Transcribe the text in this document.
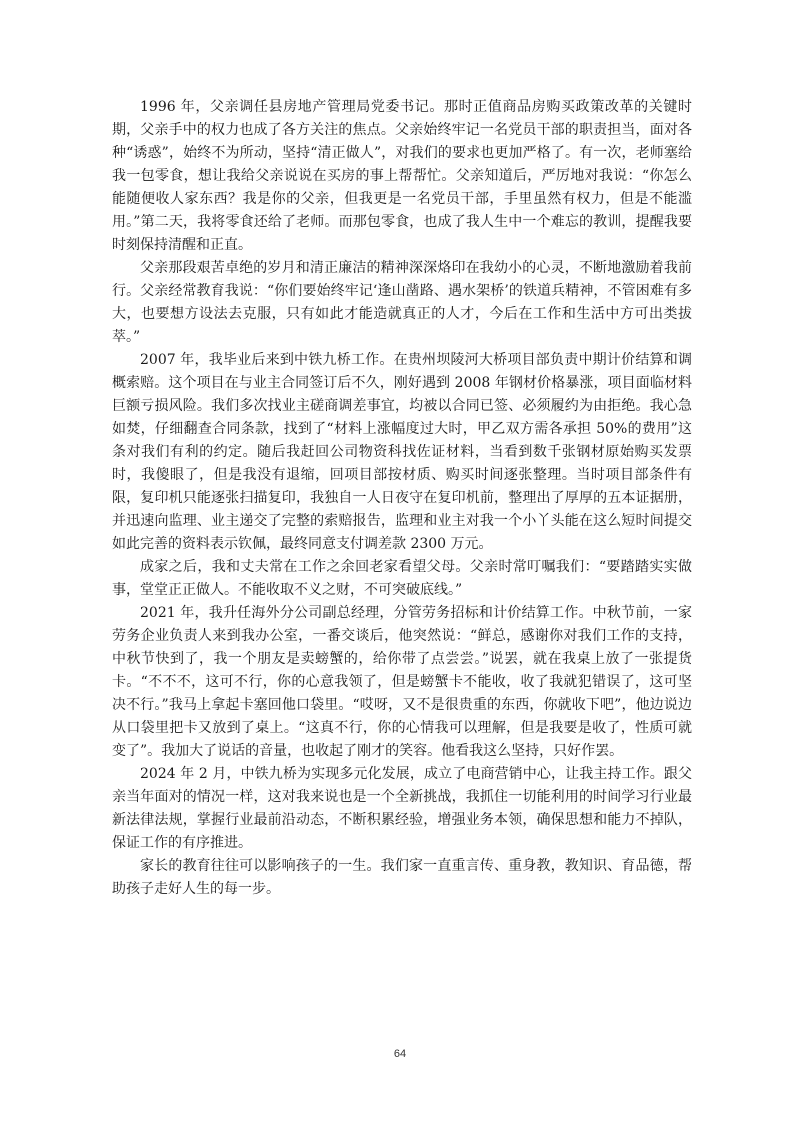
1996 年，父亲调任县房地产管理局党委书记。那时正值商品房购买政策改革的关键时期，父亲手中的权力也成了各方关注的焦点。父亲始终牢记一名党员干部的职责担当，面对各种“诱惑”，始终不为所动，坚持“清正做人”，对我们的要求也更加严格了。有一次，老师塞给我一包零食，想让我给父亲说说在买房的事上帮帮忙。父亲知道后，严厉地对我说：“你怎么能随便收人家东西？我是你的父亲，但我更是一名党员干部，手里虽然有权力，但是不能滥用。”第二天，我将零食还给了老师。而那包零食，也成了我人生中一个难忘的教训，提醒我要时刻保持清醒和正直。

父亲那段艰苦卓绝的岁月和清正廉洁的精神深深烙印在我幼小的心灵，不断地激励着我前行。父亲经常教育我说：“你们要始终牢记‘逢山凿路、遇水架桥’的铁道兵精神，不管困难有多大，也要想方设法去克服，只有如此才能造就真正的人才，今后在工作和生活中方可出类拔萃。”

2007 年，我毕业后来到中铁九桥工作。在贵州坝陵河大桥项目部负责中期计价结算和调概索赔。这个项目在与业主合同签订后不久，刚好遇到 2008 年钢材价格暴涨，项目面临材料巨额亏损风险。我们多次找业主磋商调差事宜，均被以合同已签、必须履约为由拒绝。我心急如焚，仔细翻查合同条款，找到了“材料上涨幅度过大时，甲乙双方需各承担 50%的费用”这条对我们有利的约定。随后我赶回公司物资科找佐证材料，当看到数千张钢材原始购买发票时，我傻眼了，但是我没有退缩，回项目部按材质、购买时间逐张整理。当时项目部条件有限，复印机只能逐张扫描复印，我独自一人日夜守在复印机前，整理出了厚厚的五本证据册，并迅速向监理、业主递交了完整的索赔报告，监理和业主对我一个小丫头能在这么短时间提交如此完善的资料表示钦佩，最终同意支付调差款 2300 万元。

成家之后，我和丈夫常在工作之余回老家看望父母。父亲时常叮嘱我们：“要踏踏实实做事，堂堂正正做人。不能收取不义之财，不可突破底线。”

2021 年，我升任海外分公司副总经理，分管劳务招标和计价结算工作。中秋节前，一家劳务企业负责人来到我办公室，一番交谈后，他突然说：“鲜总，感谢你对我们工作的支持，中秋节快到了，我一个朋友是卖螃蟹的，给你带了点尝尝。”说罢，就在我桌上放了一张提货卡。“不不不，这可不行，你的心意我领了，但是螃蟹卡不能收，收了我就犯错误了，这可坚决不行。”我马上拿起卡塞回他口袋里。“哎呀，又不是很贵重的东西，你就收下吧”，他边说边从口袋里把卡又放到了桌上。“这真不行，你的心情我可以理解，但是我要是收了，性质可就变了”。我加大了说话的音量，也收起了刚才的笑容。他看我这么坚持，只好作罢。

2024 年 2 月，中铁九桥为实现多元化发展，成立了电商营销中心，让我主持工作。跟父亲当年面对的情况一样，这对我来说也是一个全新挑战，我抓住一切能利用的时间学习行业最新法律法规，掌握行业最前沿动态，不断积累经验，增强业务本领，确保思想和能力不掉队，保证工作的有序推进。

家长的教育往往可以影响孩子的一生。我们家一直重言传、重身教，教知识、育品德，帮助孩子走好人生的每一步。

64
